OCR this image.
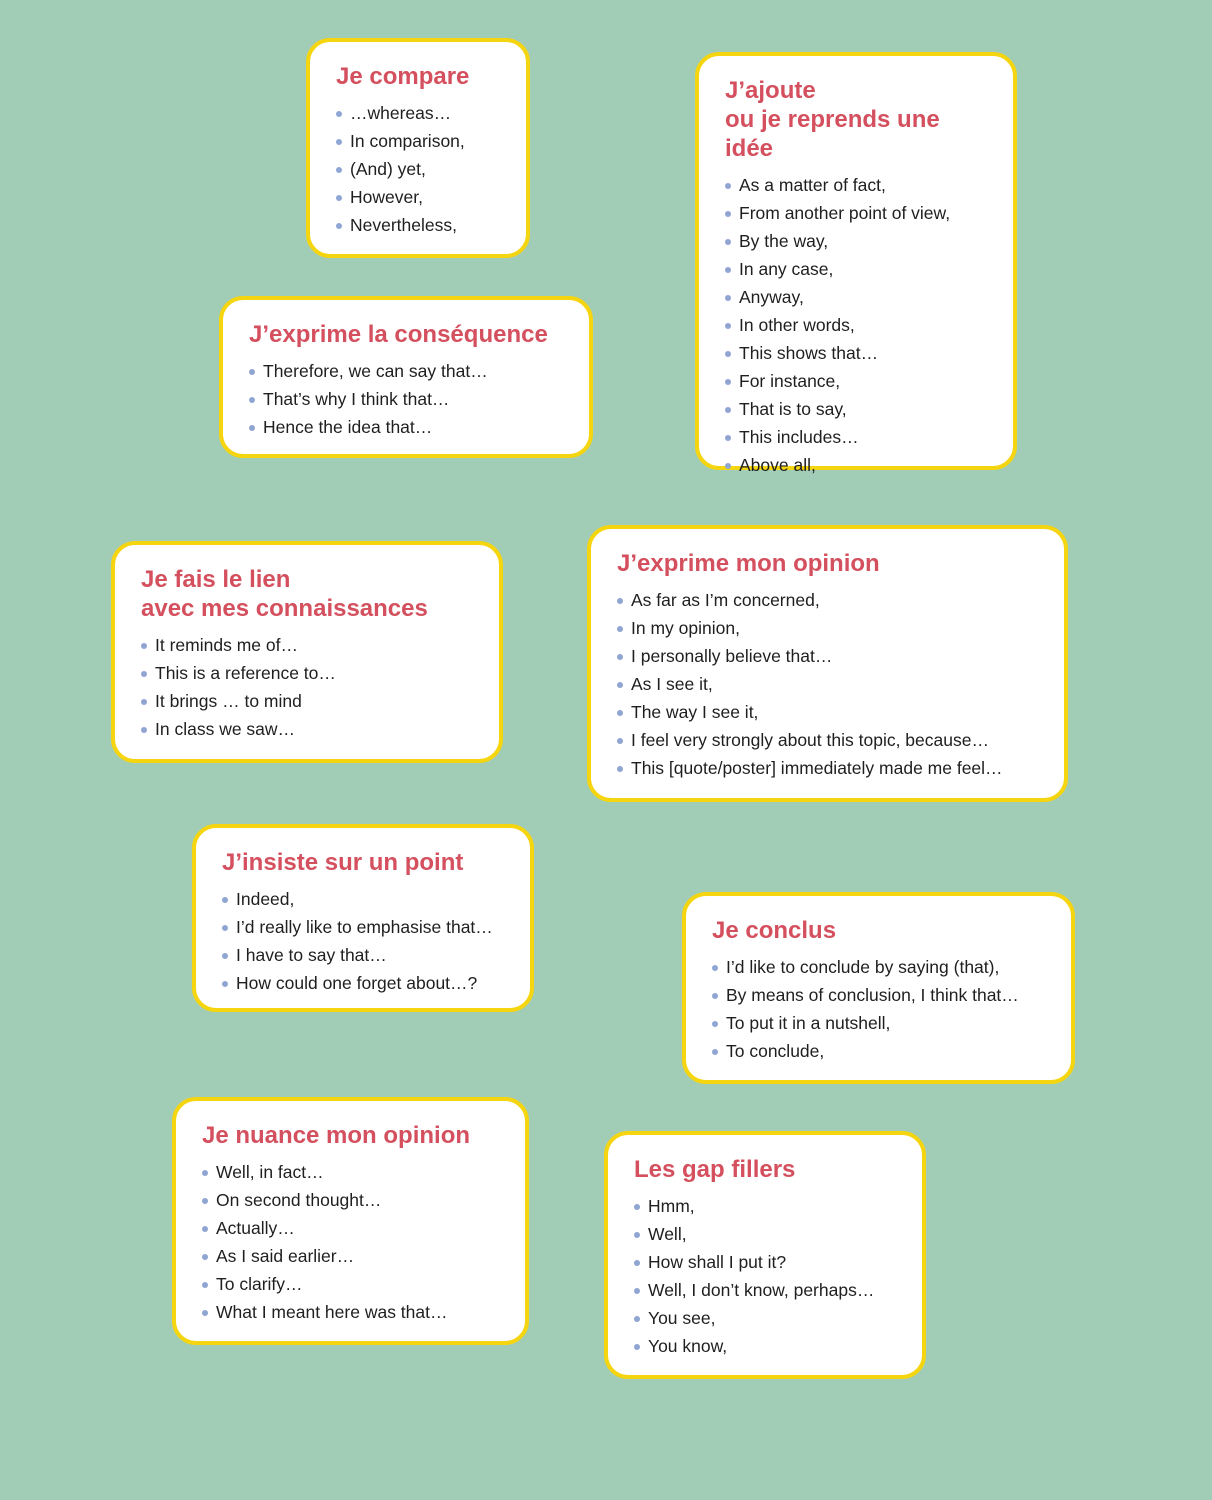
Je compare
…whereas…
In comparison,
(And) yet,
However,
Nevertheless,
J’ajoute
ou je reprends une idée
As a matter of fact,
From another point of view,
By the way,
In any case,
Anyway,
In other words,
This shows that…
For instance,
That is to say,
This includes…
Above all,
J’exprime la conséquence
Therefore, we can say that…
That’s why I think that…
Hence the idea that…
Je fais le lien
avec mes connaissances
It reminds me of…
This is a reference to…
It brings … to mind
In class we saw…
J’exprime mon opinion
As far as I’m concerned,
In my opinion,
I personally believe that…
As I see it,
The way I see it,
I feel very strongly about this topic, because…
This [quote/poster] immediately made me feel…
J’insiste sur un point
Indeed,
I’d really like to emphasise that…
I have to say that…
How could one forget about…?
Je conclus
I’d like to conclude by saying (that),
By means of conclusion, I think that…
To put it in a nutshell,
To conclude,
Je nuance mon opinion
Well, in fact…
On second thought…
Actually…
As I said earlier…
To clarify…
What I meant here was that…
Les gap fillers
Hmm,
Well,
How shall I put it?
Well, I don’t know, perhaps…
You see,
You know,
